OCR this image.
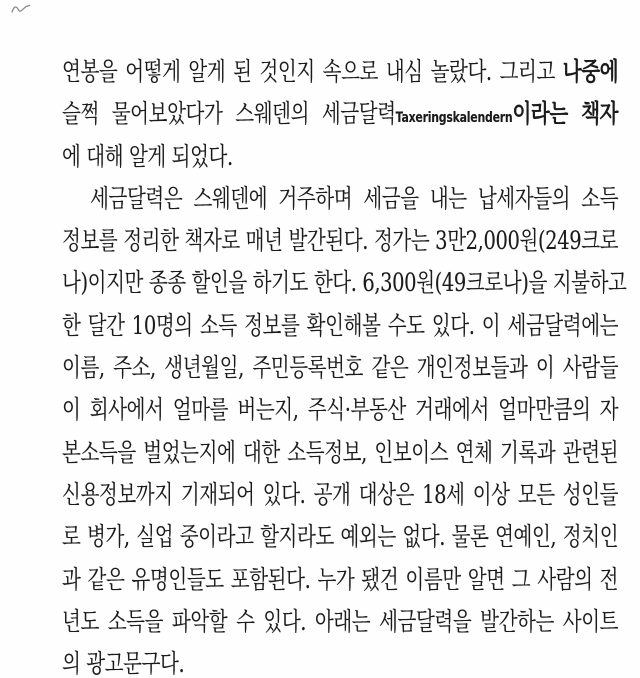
연봉을 어떻게 알게 된 것인지 속으로 내심 놀랐다. 그리고 나중에
슬쩍 물어보았다가 스웨덴의 세금달력Taxeringskalendern이라는 책자
에 대해 알게 되었다.
세금달력은 스웨덴에 거주하며 세금을 내는 납세자들의 소득
정보를 정리한 책자로 매년 발간된다. 정가는 3만2,000원(249크로
나)이지만 종종 할인을 하기도 한다. 6,300원(49크로나)을 지불하고
한 달간 10명의 소득 정보를 확인해볼 수도 있다. 이 세금달력에는
이름, 주소, 생년월일, 주민등록번호 같은 개인정보들과 이 사람들
이 회사에서 얼마를 버는지, 주식·부동산 거래에서 얼마만큼의 자
본소득을 벌었는지에 대한 소득정보, 인보이스 연체 기록과 관련된
신용정보까지 기재되어 있다. 공개 대상은 18세 이상 모든 성인들
로 병가, 실업 중이라고 할지라도 예외는 없다. 물론 연예인, 정치인
과 같은 유명인들도 포함된다. 누가 됐건 이름만 알면 그 사람의 전
년도 소득을 파악할 수 있다. 아래는 세금달력을 발간하는 사이트
의 광고문구다.
